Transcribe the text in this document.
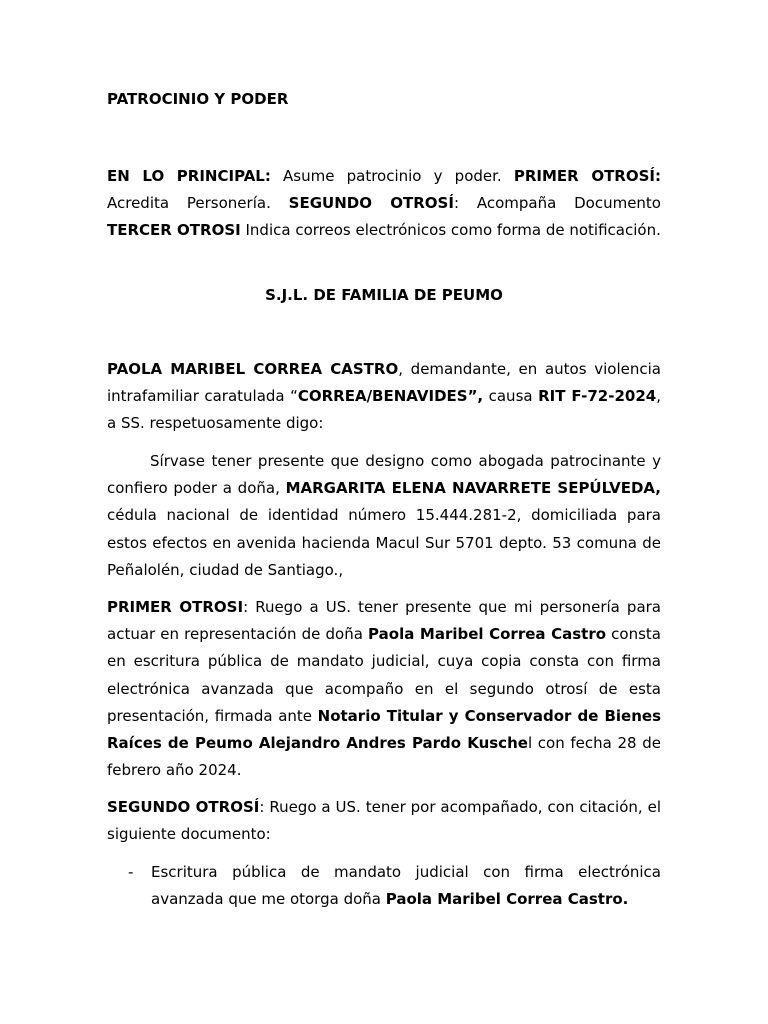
PATROCINIO Y PODER

EN LO PRINCIPAL: Asume patrocinio y poder. PRIMER OTROSÍ: Acredita Personería. SEGUNDO OTROSÍ: Acompaña Documento TERCER OTROSI Indica correos electrónicos como forma de notificación.

S.J.L. DE FAMILIA DE PEUMO

PAOLA MARIBEL CORREA CASTRO, demandante, en autos violencia intrafamiliar caratulada “CORREA/BENAVIDES”, causa RIT F-72-2024, a SS. respetuosamente digo:

Sírvase tener presente que designo como abogada patrocinante y confiero poder a doña, MARGARITA ELENA NAVARRETE SEPÚLVEDA, cédula nacional de identidad número 15.444.281-2, domiciliada para estos efectos en avenida hacienda Macul Sur 5701 depto. 53 comuna de Peñalolén, ciudad de Santiago.,

PRIMER OTROSI: Ruego a US. tener presente que mi personería para actuar en representación de doña Paola Maribel Correa Castro consta en escritura pública de mandato judicial, cuya copia consta con firma electrónica avanzada que acompaño en el segundo otrosí de esta presentación, firmada ante Notario Titular y Conservador de Bienes Raíces de Peumo Alejandro Andres Pardo Kuschel con fecha 28 de febrero año 2024.

SEGUNDO OTROSÍ: Ruego a US. tener por acompañado, con citación, el siguiente documento:

- Escritura pública de mandato judicial con firma electrónica avanzada que me otorga doña Paola Maribel Correa Castro.
